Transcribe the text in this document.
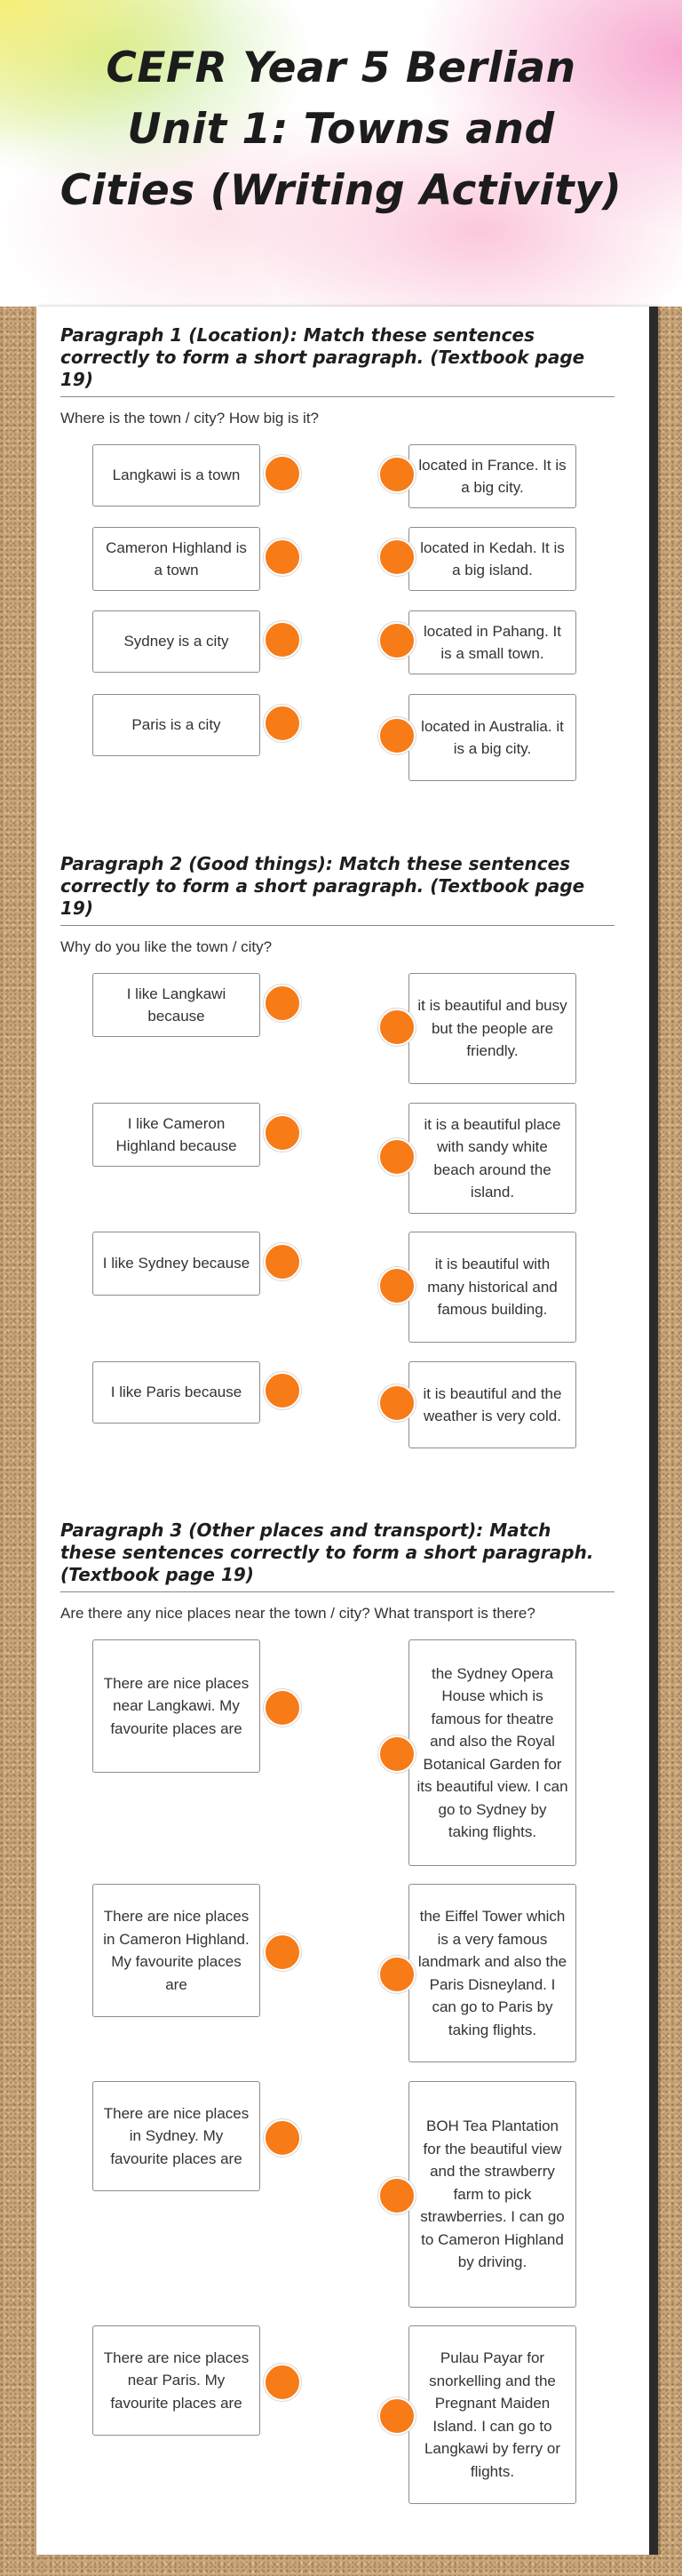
CEFR Year 5 Berlian Unit 1: Towns and Cities (Writing Activity)

Paragraph 1 (Location): Match these sentences correctly to form a short paragraph. (Textbook page 19)

Where is the town / city? How big is it?
Langkawi is a town
Cameron Highland is a town
Sydney is a city
Paris is a city
located in France. It is a big city.
located in Kedah. It is a big island.
located in Pahang. It is a small town.
located in Australia. it is a big city.

Paragraph 2 (Good things): Match these sentences correctly to form a short paragraph. (Textbook page 19)

Why do you like the town / city?
I like Langkawi because
I like Cameron Highland because
I like Sydney because
I like Paris because
it is beautiful and busy but the people are friendly.
it is a beautiful place with sandy white beach around the island.
it is beautiful with many historical and famous building.
it is beautiful and the weather is very cold.

Paragraph 3 (Other places and transport): Match these sentences correctly to form a short paragraph. (Textbook page 19)

Are there any nice places near the town / city? What transport is there?
There are nice places near Langkawi. My favourite places are
There are nice places in Cameron Highland. My favourite places are
There are nice places in Sydney. My favourite places are
There are nice places near Paris. My favourite places are
the Sydney Opera House which is famous for theatre and also the Royal Botanical Garden for its beautiful view. I can go to Sydney by taking flights.
the Eiffel Tower which is a very famous landmark and also the Paris Disneyland. I can go to Paris by taking flights.
BOH Tea Plantation for the beautiful view and the strawberry farm to pick strawberries. I can go to Cameron Highland by driving.
Pulau Payar for snorkelling and the Pregnant Maiden Island. I can go to Langkawi by ferry or flights.
